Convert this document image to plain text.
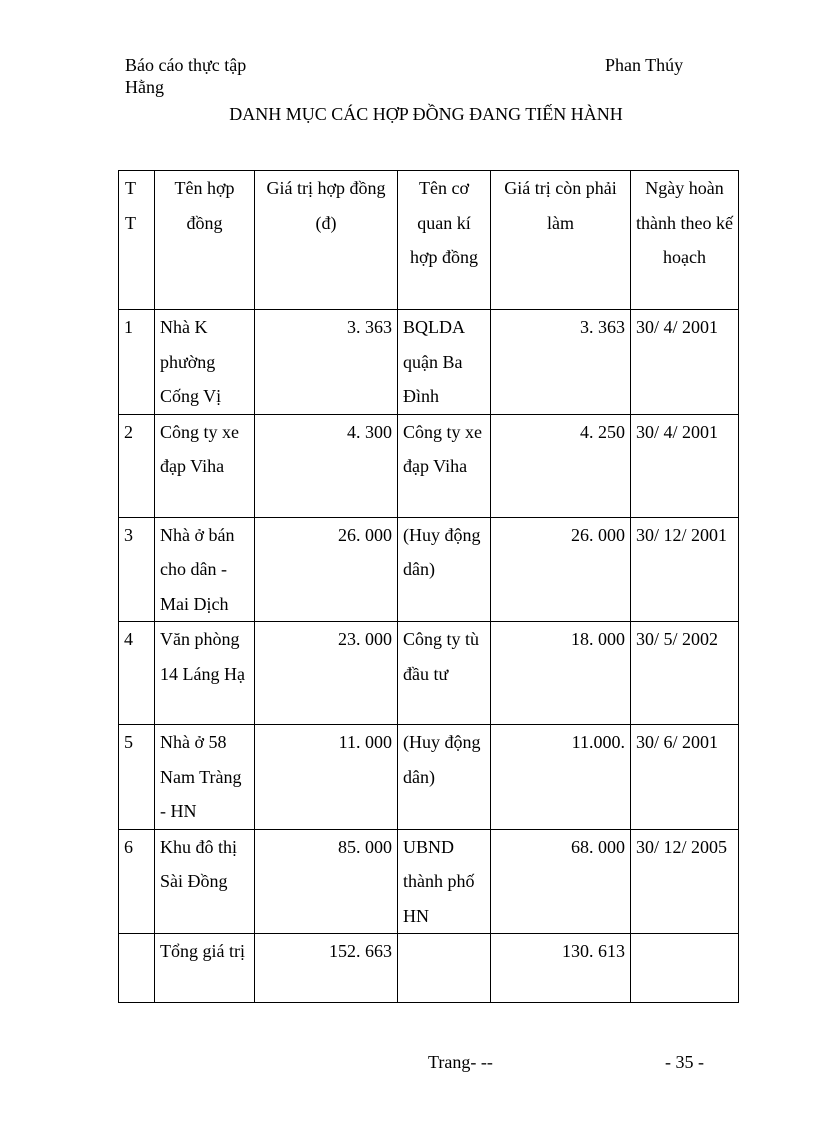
Báo cáo thực tập
Hằng
Phan Thúy
DANH MỤC CÁC HỢP ĐỒNG ĐANG TIẾN HÀNH
T T	Tên hợp đồng	Giá trị hợp đồng (đ)	Tên cơ quan kí hợp đồng	Giá trị còn phải làm	Ngày hoàn thành theo kế hoạch
1	Nhà K phường Cống Vị	3. 363	BQLDA quận Ba Đình	3. 363	30/ 4/ 2001
2	Công ty xe đạp Viha	4. 300	Công ty xe đạp Viha	4. 250	30/ 4/ 2001
3	Nhà ở bán cho dân - Mai Dịch	26. 000	(Huy động dân)	26. 000	30/ 12/ 2001
4	Văn phòng 14 Láng Hạ	23. 000	Công ty tù đầu tư	18. 000	30/ 5/ 2002
5	Nhà ở 58 Nam Tràng - HN	11. 000	(Huy động dân)	11.000.	30/ 6/ 2001
6	Khu đô thị Sài Đồng	85. 000	UBND thành phố HN	68. 000	30/ 12/ 2005
	Tổng giá trị	152. 663		130. 613	
Trang- --	- 35 -
